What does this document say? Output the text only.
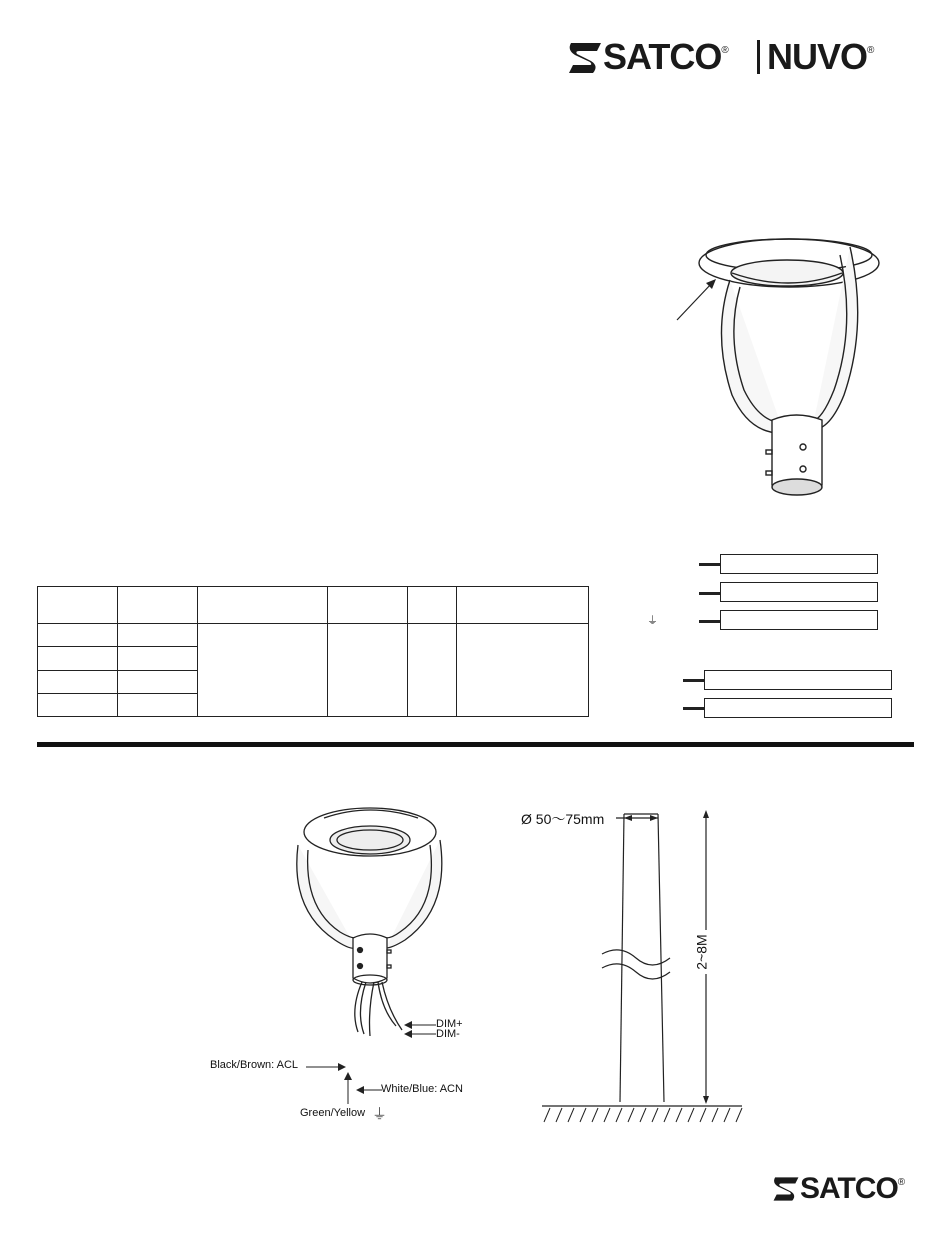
SATCO® NUVO®

⏚
Black/Brown: ACL
DIM+
DIM-
White/Blue: ACN
Green/Yellow ⏚
Ø 50～75mm
2~8M
SATCO®
